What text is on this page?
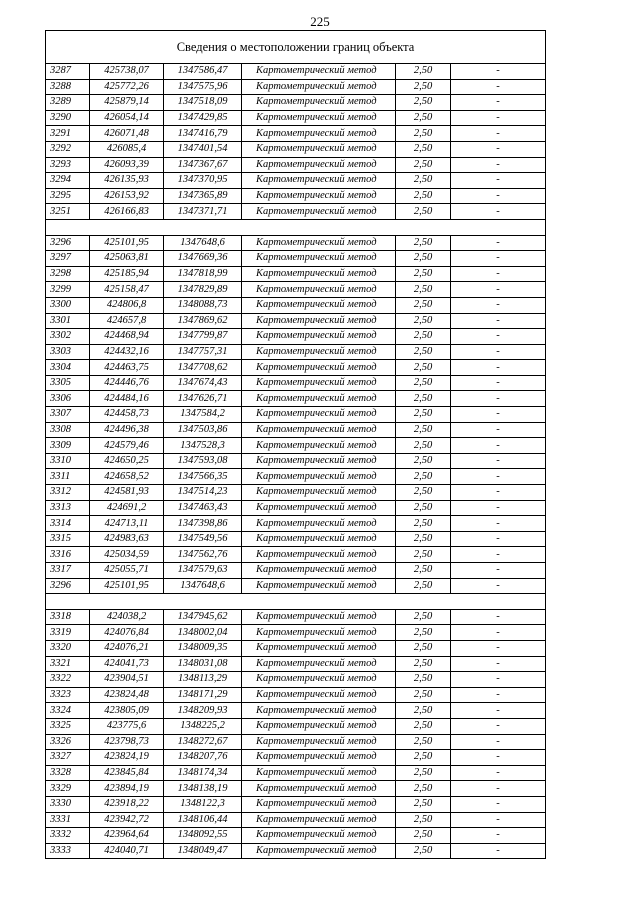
225
Сведения о местоположении границ объекта					
3287	425738,07	1347586,47	Картометрический метод	2,50	-
3288	425772,26	1347575,96	Картометрический метод	2,50	-
3289	425879,14	1347518,09	Картометрический метод	2,50	-
3290	426054,14	1347429,85	Картометрический метод	2,50	-
3291	426071,48	1347416,79	Картометрический метод	2,50	-
3292	426085,4	1347401,54	Картометрический метод	2,50	-
3293	426093,39	1347367,67	Картометрический метод	2,50	-
3294	426135,93	1347370,95	Картометрический метод	2,50	-
3295	426153,92	1347365,89	Картометрический метод	2,50	-
3251	426166,83	1347371,71	Картометрический метод	2,50	-

3296	425101,95	1347648,6	Картометрический метод	2,50	-
3297	425063,81	1347669,36	Картометрический метод	2,50	-
3298	425185,94	1347818,99	Картометрический метод	2,50	-
3299	425158,47	1347829,89	Картометрический метод	2,50	-
3300	424806,8	1348088,73	Картометрический метод	2,50	-
3301	424657,8	1347869,62	Картометрический метод	2,50	-
3302	424468,94	1347799,87	Картометрический метод	2,50	-
3303	424432,16	1347757,31	Картометрический метод	2,50	-
3304	424463,75	1347708,62	Картометрический метод	2,50	-
3305	424446,76	1347674,43	Картометрический метод	2,50	-
3306	424484,16	1347626,71	Картометрический метод	2,50	-
3307	424458,73	1347584,2	Картометрический метод	2,50	-
3308	424496,38	1347503,86	Картометрический метод	2,50	-
3309	424579,46	1347528,3	Картометрический метод	2,50	-
3310	424650,25	1347593,08	Картометрический метод	2,50	-
3311	424658,52	1347566,35	Картометрический метод	2,50	-
3312	424581,93	1347514,23	Картометрический метод	2,50	-
3313	424691,2	1347463,43	Картометрический метод	2,50	-
3314	424713,11	1347398,86	Картометрический метод	2,50	-
3315	424983,63	1347549,56	Картометрический метод	2,50	-
3316	425034,59	1347562,76	Картометрический метод	2,50	-
3317	425055,71	1347579,63	Картометрический метод	2,50	-
3296	425101,95	1347648,6	Картометрический метод	2,50	-

3318	424038,2	1347945,62	Картометрический метод	2,50	-
3319	424076,84	1348002,04	Картометрический метод	2,50	-
3320	424076,21	1348009,35	Картометрический метод	2,50	-
3321	424041,73	1348031,08	Картометрический метод	2,50	-
3322	423904,51	1348113,29	Картометрический метод	2,50	-
3323	423824,48	1348171,29	Картометрический метод	2,50	-
3324	423805,09	1348209,93	Картометрический метод	2,50	-
3325	423775,6	1348225,2	Картометрический метод	2,50	-
3326	423798,73	1348272,67	Картометрический метод	2,50	-
3327	423824,19	1348207,76	Картометрический метод	2,50	-
3328	423845,84	1348174,34	Картометрический метод	2,50	-
3329	423894,19	1348138,19	Картометрический метод	2,50	-
3330	423918,22	1348122,3	Картометрический метод	2,50	-
3331	423942,72	1348106,44	Картометрический метод	2,50	-
3332	423964,64	1348092,55	Картометрический метод	2,50	-
3333	424040,71	1348049,47	Картометрический метод	2,50	-
